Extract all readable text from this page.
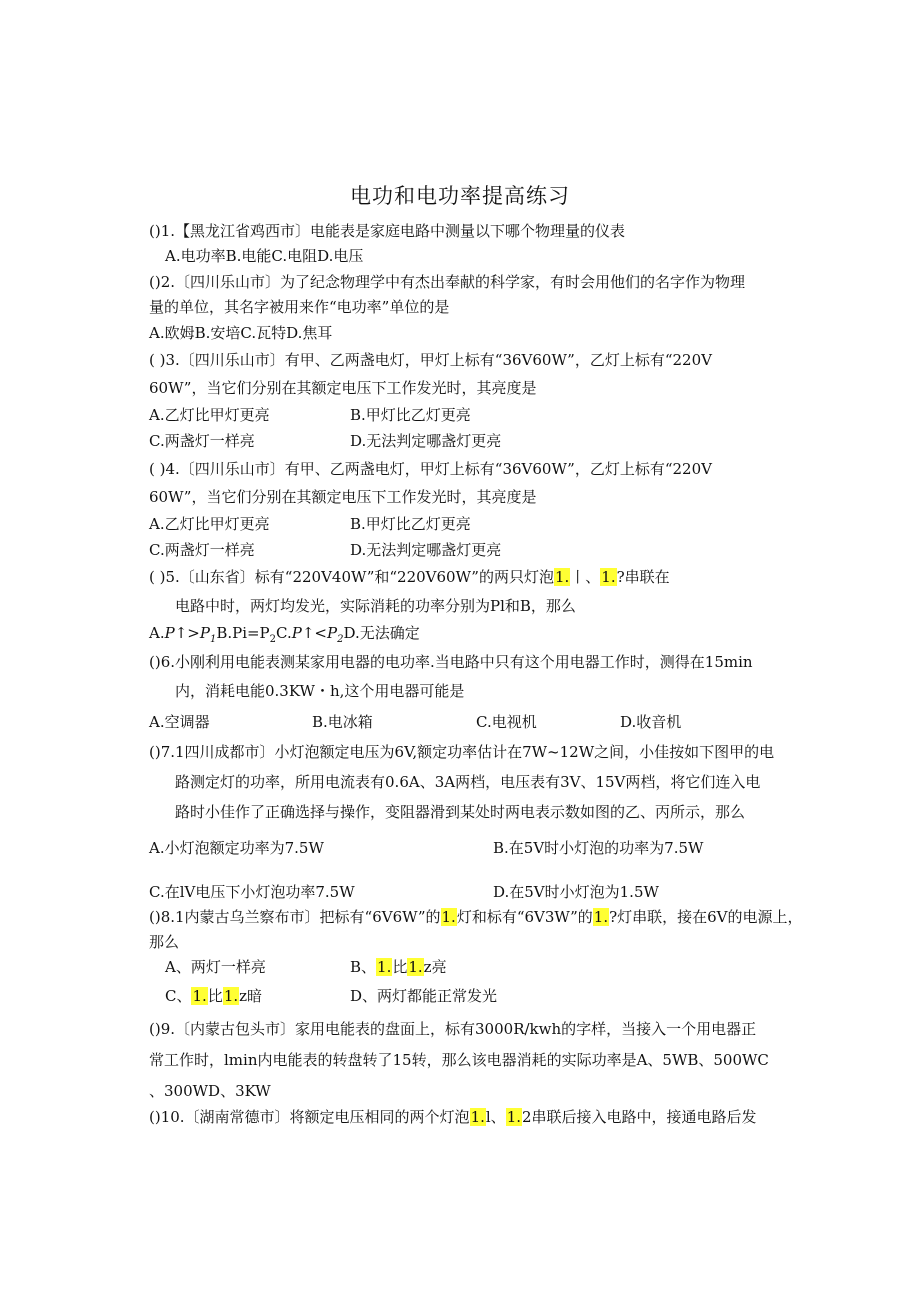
电功和电功率提高练习
()1.【黑龙江省鸡西市〕电能表是家庭电路中测量以下哪个物理量的仪表
A.电功率B.电能C.电阻D.电压
()2.〔四川乐山市〕为了纪念物理学中有杰出奉献的科学家，有时会用他们的名字作为物理
量的单位，其名字被用来作“电功率”单位的是
A.欧姆B.安培C.瓦特D.焦耳
( )3.〔四川乐山市〕有甲、乙两盏电灯，甲灯上标有“36V60W”，乙灯上标有“220V
60W”，当它们分别在其额定电压下工作发光时，其亮度是
A.乙灯比甲灯更亮	B.甲灯比乙灯更亮
C.两盏灯一样亮	D.无法判定哪盏灯更亮
( )4.〔四川乐山市〕有甲、乙两盏电灯，甲灯上标有“36V60W”，乙灯上标有“220V
60W”，当它们分别在其额定电压下工作发光时，其亮度是
A.乙灯比甲灯更亮	B.甲灯比乙灯更亮
C.两盏灯一样亮	D.无法判定哪盏灯更亮
( )5.〔山东省〕标有“220V40W”和“220V60W”的两只灯泡1.丨、1.?串联在
电路中时，两灯均发光，实际消耗的功率分别为Pl和B，那么
$A.P↑>P_1B.Pi=P_2C.P↑<P_2D$.无法确定
()6.小刚利用电能表测某家用电器的电功率.当电路中只有这个用电器工作时，测得在15min
内，消耗电能0.3KW・h,这个用电器可能是
A.空调器	B.电冰箱	C.电视机	D.收音机
()7.1四川成都市〕小灯泡额定电压为6V,额定功率估计在7W~12W之间，小佳按如下图甲的电
路测定灯的功率，所用电流表有0.6A、3A两档，电压表有3V、15V两档，将它们连入电
路时小佳作了正确选择与操作，变阻器滑到某处时两电表示数如图的乙、丙所示，那么
A.小灯泡额定功率为7.5W	B.在5V时小灯泡的功率为7.5W
C.在lV电压下小灯泡功率7.5W	D.在5V时小灯泡为1.5W
()8.1内蒙古乌兰察布市〕把标有“6V6W”的1.灯和标有“6V3W”的1.?灯串联，接在6V的电源上，
那么
A、两灯一样亮	B、1.比1.z亮
C、1.比1.z暗	D、两灯都能正常发光
()9.〔内蒙古包头市〕家用电能表的盘面上，标有3000R/kwh的字样，当接入一个用电器正
常工作时，lmin内电能表的转盘转了15转，那么该电器消耗的实际功率是A、5WB、500WC
、300WD、3KW
()10.〔湖南常德市〕将额定电压相同的两个灯泡1.l、1.2串联后接入电路中，接通电路后发
